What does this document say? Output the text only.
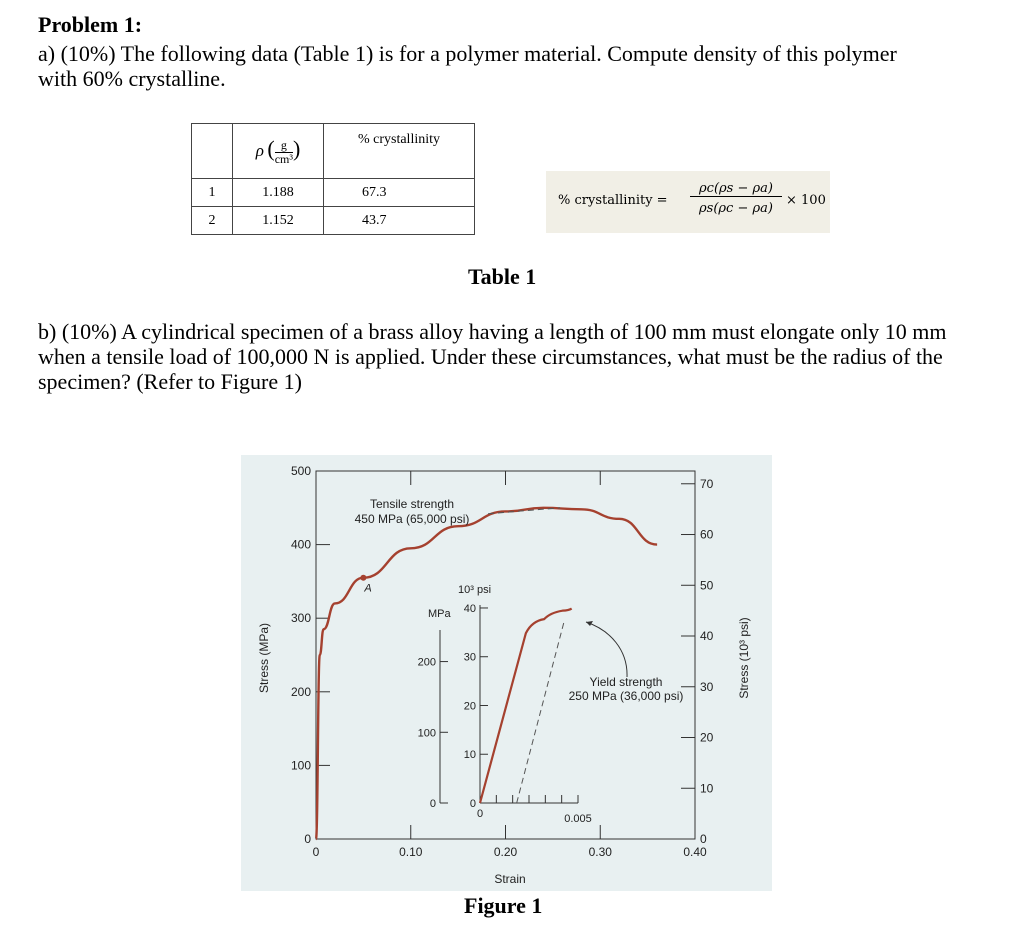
Problem 1:
a) (10%) The following data (Table 1) is for a polymer material. Compute density of this polymer with 60% crystalline.
	ρ ( $\frac{g}{\text{cm³}}$ )	% crystallinity
1	1.188	67.3
2	1.152	43.7
% crystallinity =
ρc(ρs − ρa)
ρs(ρc − ρa)
× 100
Table 1
b) (10%) A cylindrical specimen of a brass alloy having a length of 100 mm must elongate only 10 mm when a tensile load of 100,000 N is applied. Under these circumstances, what must be the radius of the specimen? (Refer to Figure 1)
0
100
200
300
400
500
0
10
20
30
40
50
60
70
0	0.10	0.20	0.30	0.40
Strain
Stress (MPa)	Stress (10³ psi)
A
0
10
20
30
40
0
100
200
10³ psi
MPa
0	0.005
Tensile strength
450 MPa (65,000 psi)
Yield strength
250 MPa (36,000 psi)
Figure 1
